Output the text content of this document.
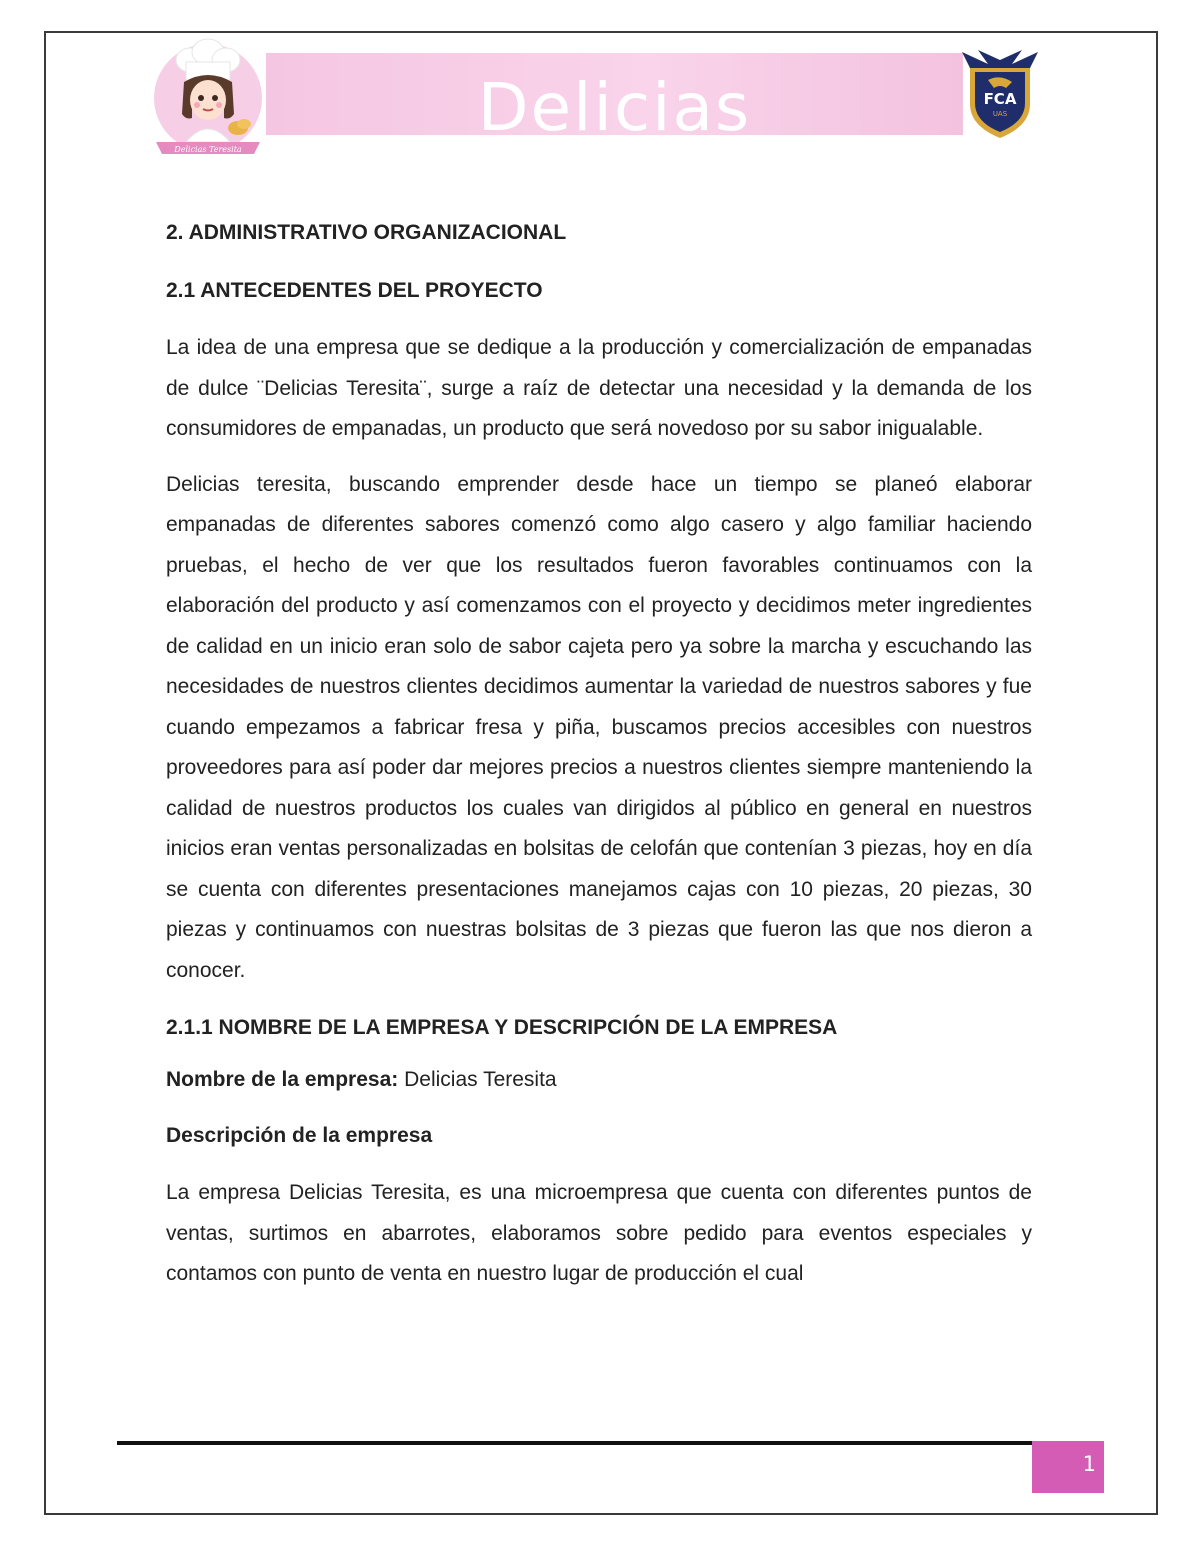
Delicias Teresita
Delicias	FCA
UAS
2. ADMINISTRATIVO ORGANIZACIONAL
2.1 ANTECEDENTES DEL PROYECTO

La idea de una empresa que se dedique a la producción y comercialización de empanadas de dulce ¨Delicias Teresita¨, surge a raíz de detectar una necesidad y la demanda de los consumidores de empanadas, un producto que será novedoso por su sabor inigualable.

Delicias teresita, buscando emprender desde hace un tiempo se planeó elaborar empanadas de diferentes sabores comenzó como algo casero y algo familiar haciendo pruebas, el hecho de ver que los resultados fueron favorables continuamos con la elaboración del producto y así comenzamos con el proyecto y decidimos meter ingredientes de calidad en un inicio eran solo de sabor cajeta pero ya sobre la marcha y escuchando las necesidades de nuestros clientes decidimos aumentar la variedad de nuestros sabores y fue cuando empezamos a fabricar fresa y piña, buscamos precios accesibles con nuestros proveedores para así poder dar mejores precios a nuestros clientes siempre manteniendo la calidad de nuestros productos los cuales van dirigidos al público en general en nuestros inicios eran ventas personalizadas en bolsitas de celofán que contenían 3 piezas, hoy en día se cuenta con diferentes presentaciones manejamos cajas con 10 piezas, 20 piezas, 30 piezas y continuamos con nuestras bolsitas de 3 piezas que fueron las que nos dieron a conocer.

2.1.1 NOMBRE DE LA EMPRESA Y DESCRIPCIÓN DE LA EMPRESA
Nombre de la empresa: Delicias Teresita
Descripción de la empresa

La empresa Delicias Teresita, es una microempresa que cuenta con diferentes puntos de ventas, surtimos en abarrotes, elaboramos sobre pedido para eventos especiales y contamos con punto de venta en nuestro lugar de producción el cual

1
